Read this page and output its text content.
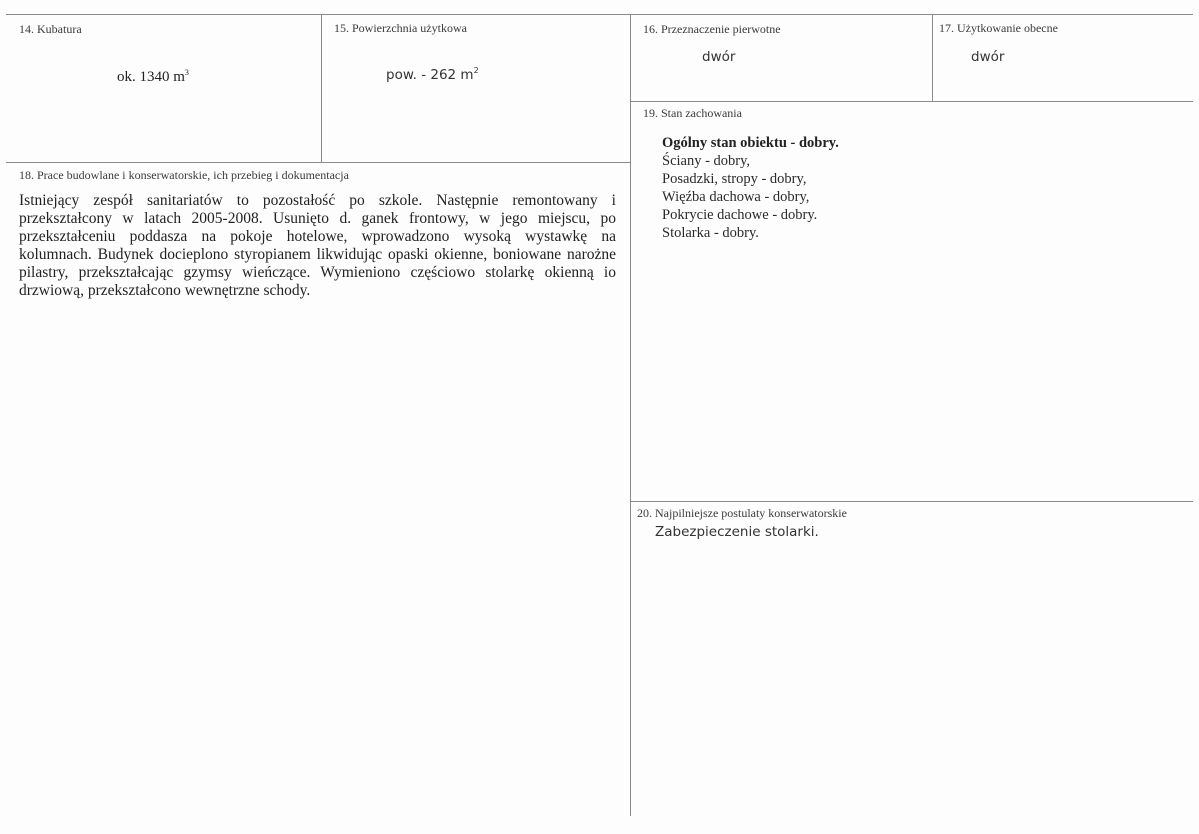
14. Kubatura
ok. 1340 $m^3$
15. Powierzchnia użytkowa
pow. - 262 $m^2$
16. Przeznaczenie pierwotne
dwór
17. Użytkowanie obecne
dwór
19. Stan zachowania
Ogólny stan obiektu - dobry.
Ściany - dobry,
Posadzki, stropy - dobry,
Więźba dachowa - dobry,
Pokrycie dachowe - dobry.
Stolarka - dobry.
18. Prace budowlane i konserwatorskie, ich przebieg i dokumentacja
Istniejący zespół sanitariatów to pozostałość po szkole. Następnie remontowany i
przekształcony w latach 2005-2008. Usunięto d. ganek frontowy, w jego miejscu, po
przekształceniu poddasza na pokoje hotelowe, wprowadzono wysoką wystawkę na
kolumnach. Budynek docieplono styropianem likwidując opaski okienne, boniowane narożne
pilastry, przekształcając gzymsy wieńczące. Wymieniono częściowo stolarkę okienną io
drzwiową, przekształcono wewnętrzne schody.
20. Najpilniejsze postulaty konserwatorskie
Zabezpieczenie stolarki.
